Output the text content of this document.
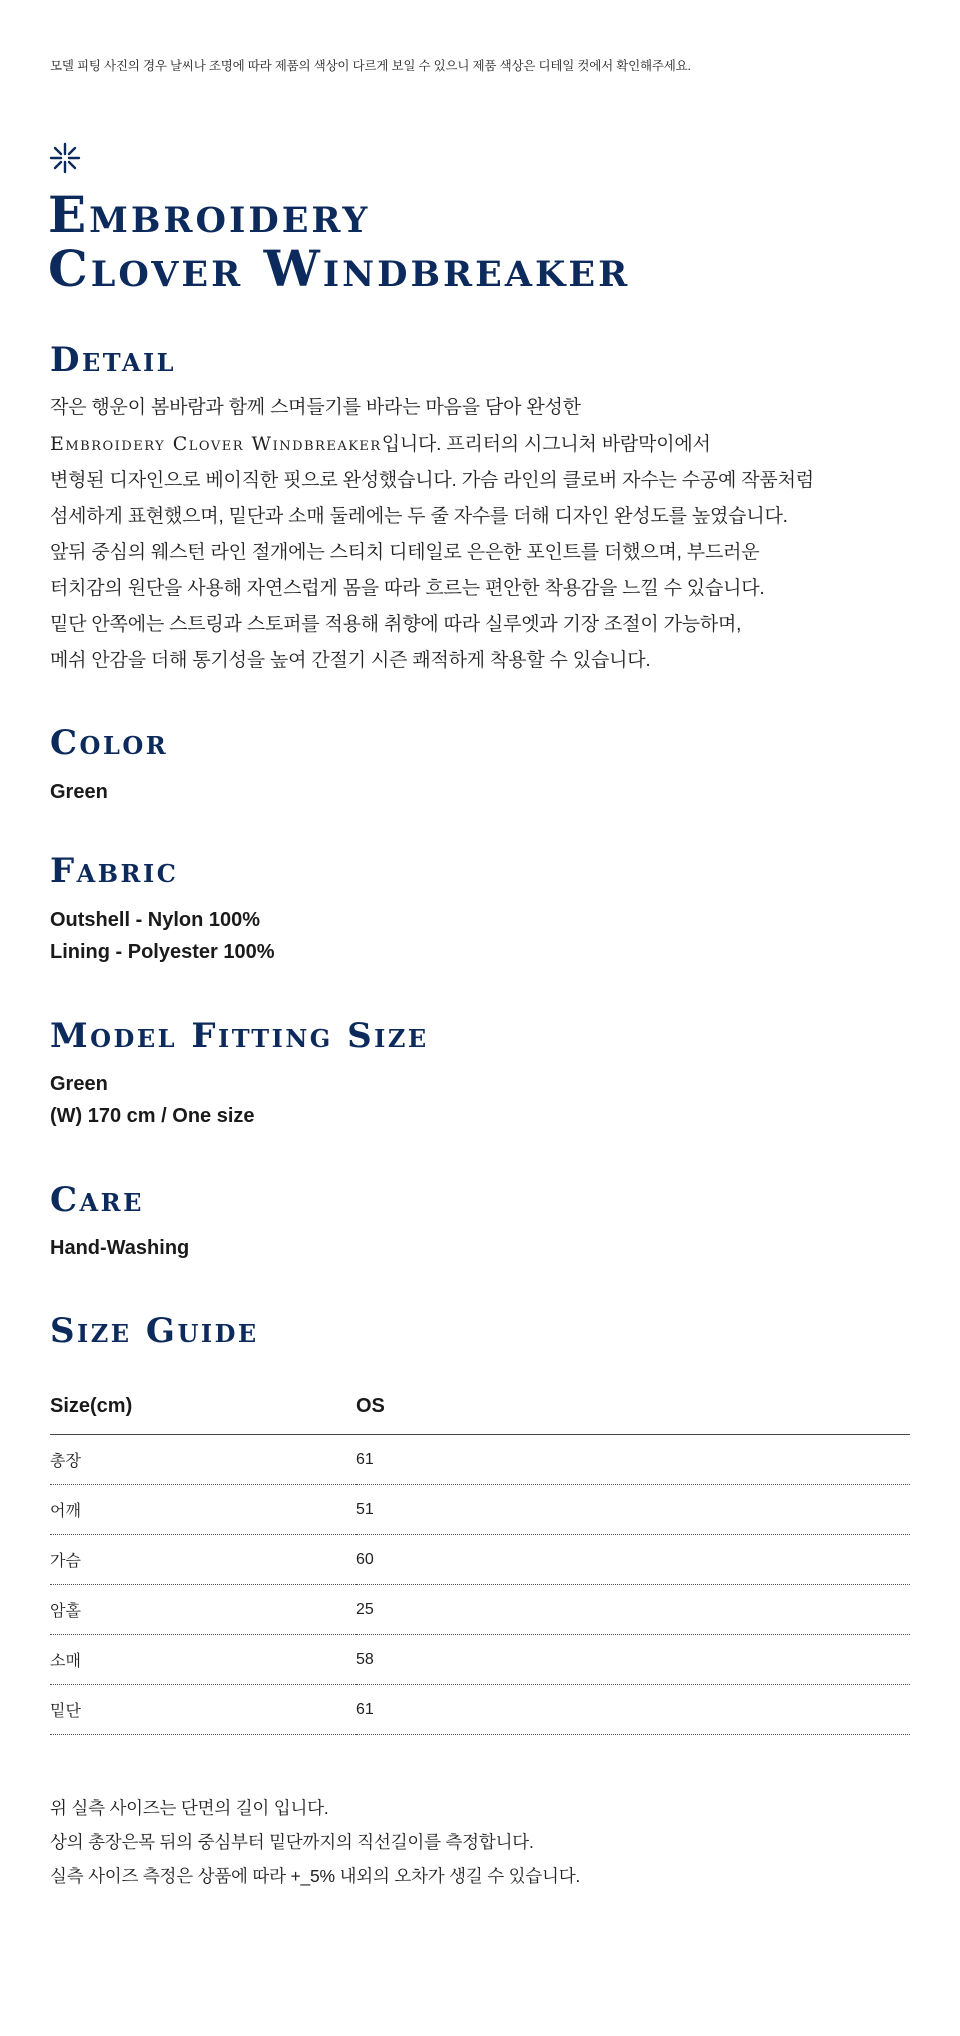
모델 피팅 사진의 경우 날씨나 조명에 따라 제품의 색상이 다르게 보일 수 있으니 제품 색상은 디테일 컷에서 확인해주세요.
Embroidery
Clover Windbreaker
Detail
작은 행운이 봄바람과 함께 스며들기를 바라는 마음을 담아 완성한
Embroidery Clover Windbreaker입니다. 프리터의 시그니처 바람막이에서
변형된 디자인으로 베이직한 핏으로 완성했습니다. 가슴 라인의 클로버 자수는 수공예 작품처럼
섬세하게 표현했으며, 밑단과 소매 둘레에는 두 줄 자수를 더해 디자인 완성도를 높였습니다.
앞뒤 중심의 웨스턴 라인 절개에는 스티치 디테일로 은은한 포인트를 더했으며, 부드러운
터치감의 원단을 사용해 자연스럽게 몸을 따라 흐르는 편안한 착용감을 느낄 수 있습니다.
밑단 안쪽에는 스트링과 스토퍼를 적용해 취향에 따라 실루엣과 기장 조절이 가능하며,
메쉬 안감을 더해 통기성을 높여 간절기 시즌 쾌적하게 착용할 수 있습니다.
Color
Green
Fabric
Outshell - Nylon 100%
Lining - Polyester 100%
Model Fitting Size
Green
(W) 170 cm / One size
Care
Hand-Washing
Size Guide
Size(cm)	OS
총장	61
어깨	51
가슴	60
암홀	25
소매	58
밑단	61
위 실측 사이즈는 단면의 길이 입니다.
상의 총장은목 뒤의 중심부터 밑단까지의 직선길이를 측정합니다.
실측 사이즈 측정은 상품에 따라 +_5% 내외의 오차가 생길 수 있습니다.
